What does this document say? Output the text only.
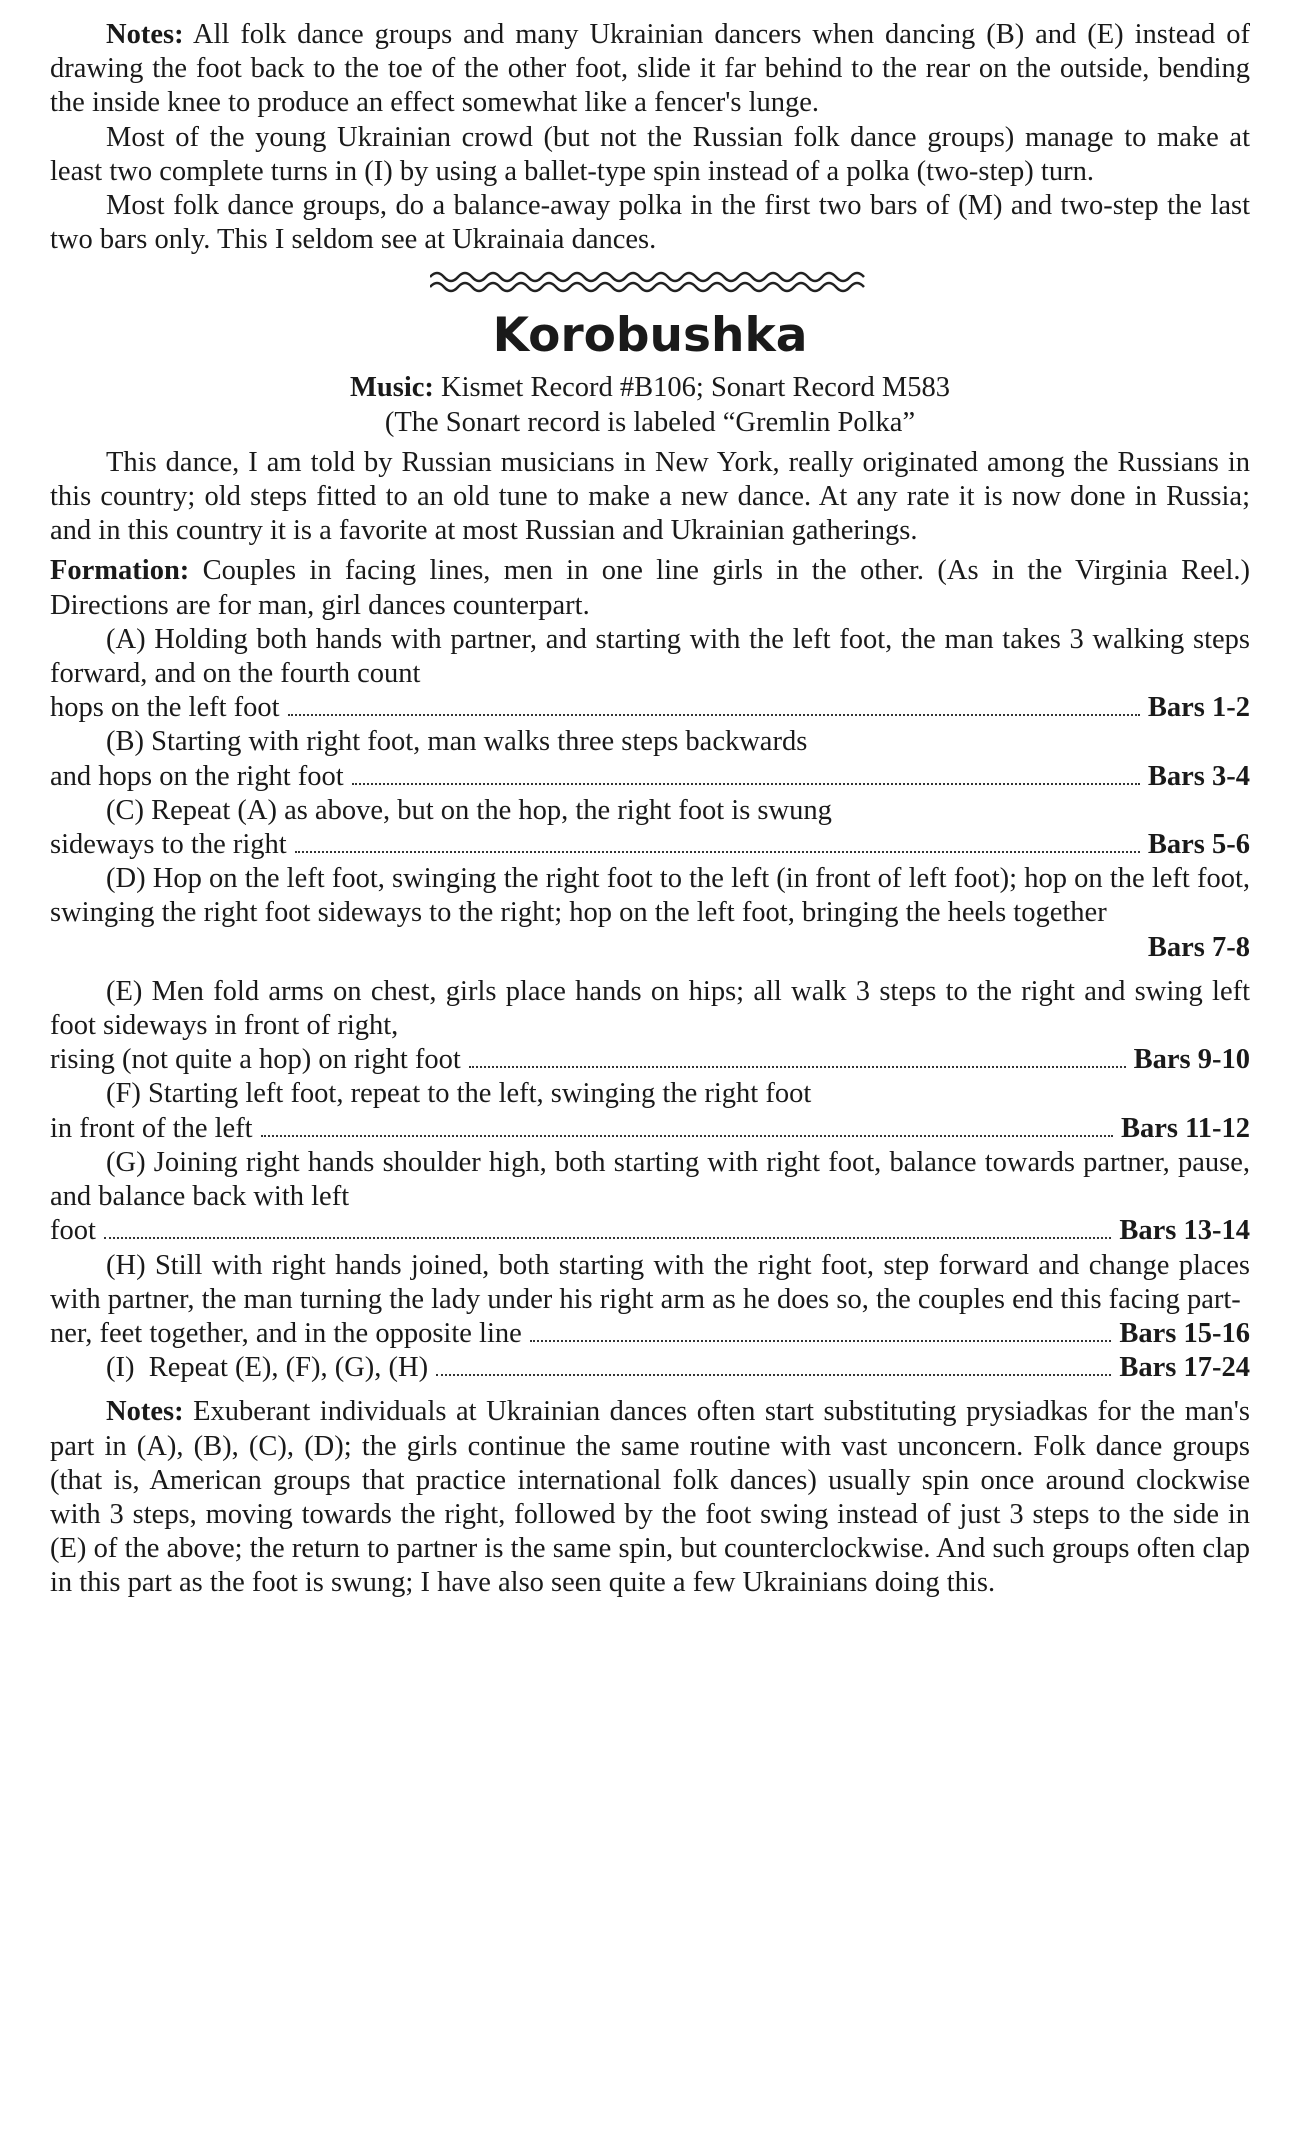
Notes: All folk dance groups and many Ukrainian dancers when dancing (B) and (E) instead of drawing the foot back to the toe of the other foot, slide it far behind to the rear on the outside, bending the inside knee to produce an effect somewhat like a fencer's lunge.

Most of the young Ukrainian crowd (but not the Russian folk dance groups) manage to make at least two complete turns in (I) by using a ballet-type spin instead of a polka (two-step) turn.

Most folk dance groups, do a balance-away polka in the first two bars of (M) and two-step the last two bars only. This I seldom see at Ukrainaia dances.

Korobushka

Music: Kismet Record #B106; Sonart Record M583

(The Sonart record is labeled “Gremlin Polka”

This dance, I am told by Russian musicians in New York, really originated among the Russians in this country; old steps fitted to an old tune to make a new dance. At any rate it is now done in Russia; and in this country it is a favorite at most Russian and Ukrainian gatherings.

Formation: Couples in facing lines, men in one line girls in the other. (As in the Virginia Reel.) Directions are for man, girl dances counterpart.

(A) Holding both hands with partner, and starting with the left foot, the man takes 3 walking steps forward, and on the fourth count

hops on the left foot	Bars 1-2

(B) Starting with right foot, man walks three steps backwards

and hops on the right foot	Bars 3-4

(C) Repeat (A) as above, but on the hop, the right foot is swung

sideways to the right	Bars 5-6

(D) Hop on the left foot, swinging the right foot to the left (in front of left foot); hop on the left foot, swinging the right foot sideways to the right; hop on the left foot, bringing the heels together

Bars 7-8

(E) Men fold arms on chest, girls place hands on hips; all walk 3 steps to the right and swing left foot sideways in front of right,

rising (not quite a hop) on right foot	Bars 9-10

(F) Starting left foot, repeat to the left, swinging the right foot

in front of the left	Bars 11-12

(G) Joining right hands shoulder high, both starting with right foot, balance towards partner, pause, and balance back with left

foot	Bars 13-14

(H) Still with right hands joined, both starting with the right foot, step forward and change places with partner, the man turning the lady under his right arm as he does so, the couples end this facing part-

ner, feet together, and in the opposite line	Bars 15-16

(I)
Repeat (E), (F), (G), (H)	Bars 17-24

Notes: Exuberant individuals at Ukrainian dances often start substituting prysiadkas for the man's part in (A), (B), (C), (D); the girls continue the same routine with vast unconcern. Folk dance groups (that is, American groups that practice international folk dances) usually spin once around clockwise with 3 steps, moving towards the right, followed by the foot swing instead of just 3 steps to the side in (E) of the above; the return to partner is the same spin, but counterclockwise. And such groups often clap in this part as the foot is swung; I have also seen quite a few Ukrainians doing this.
